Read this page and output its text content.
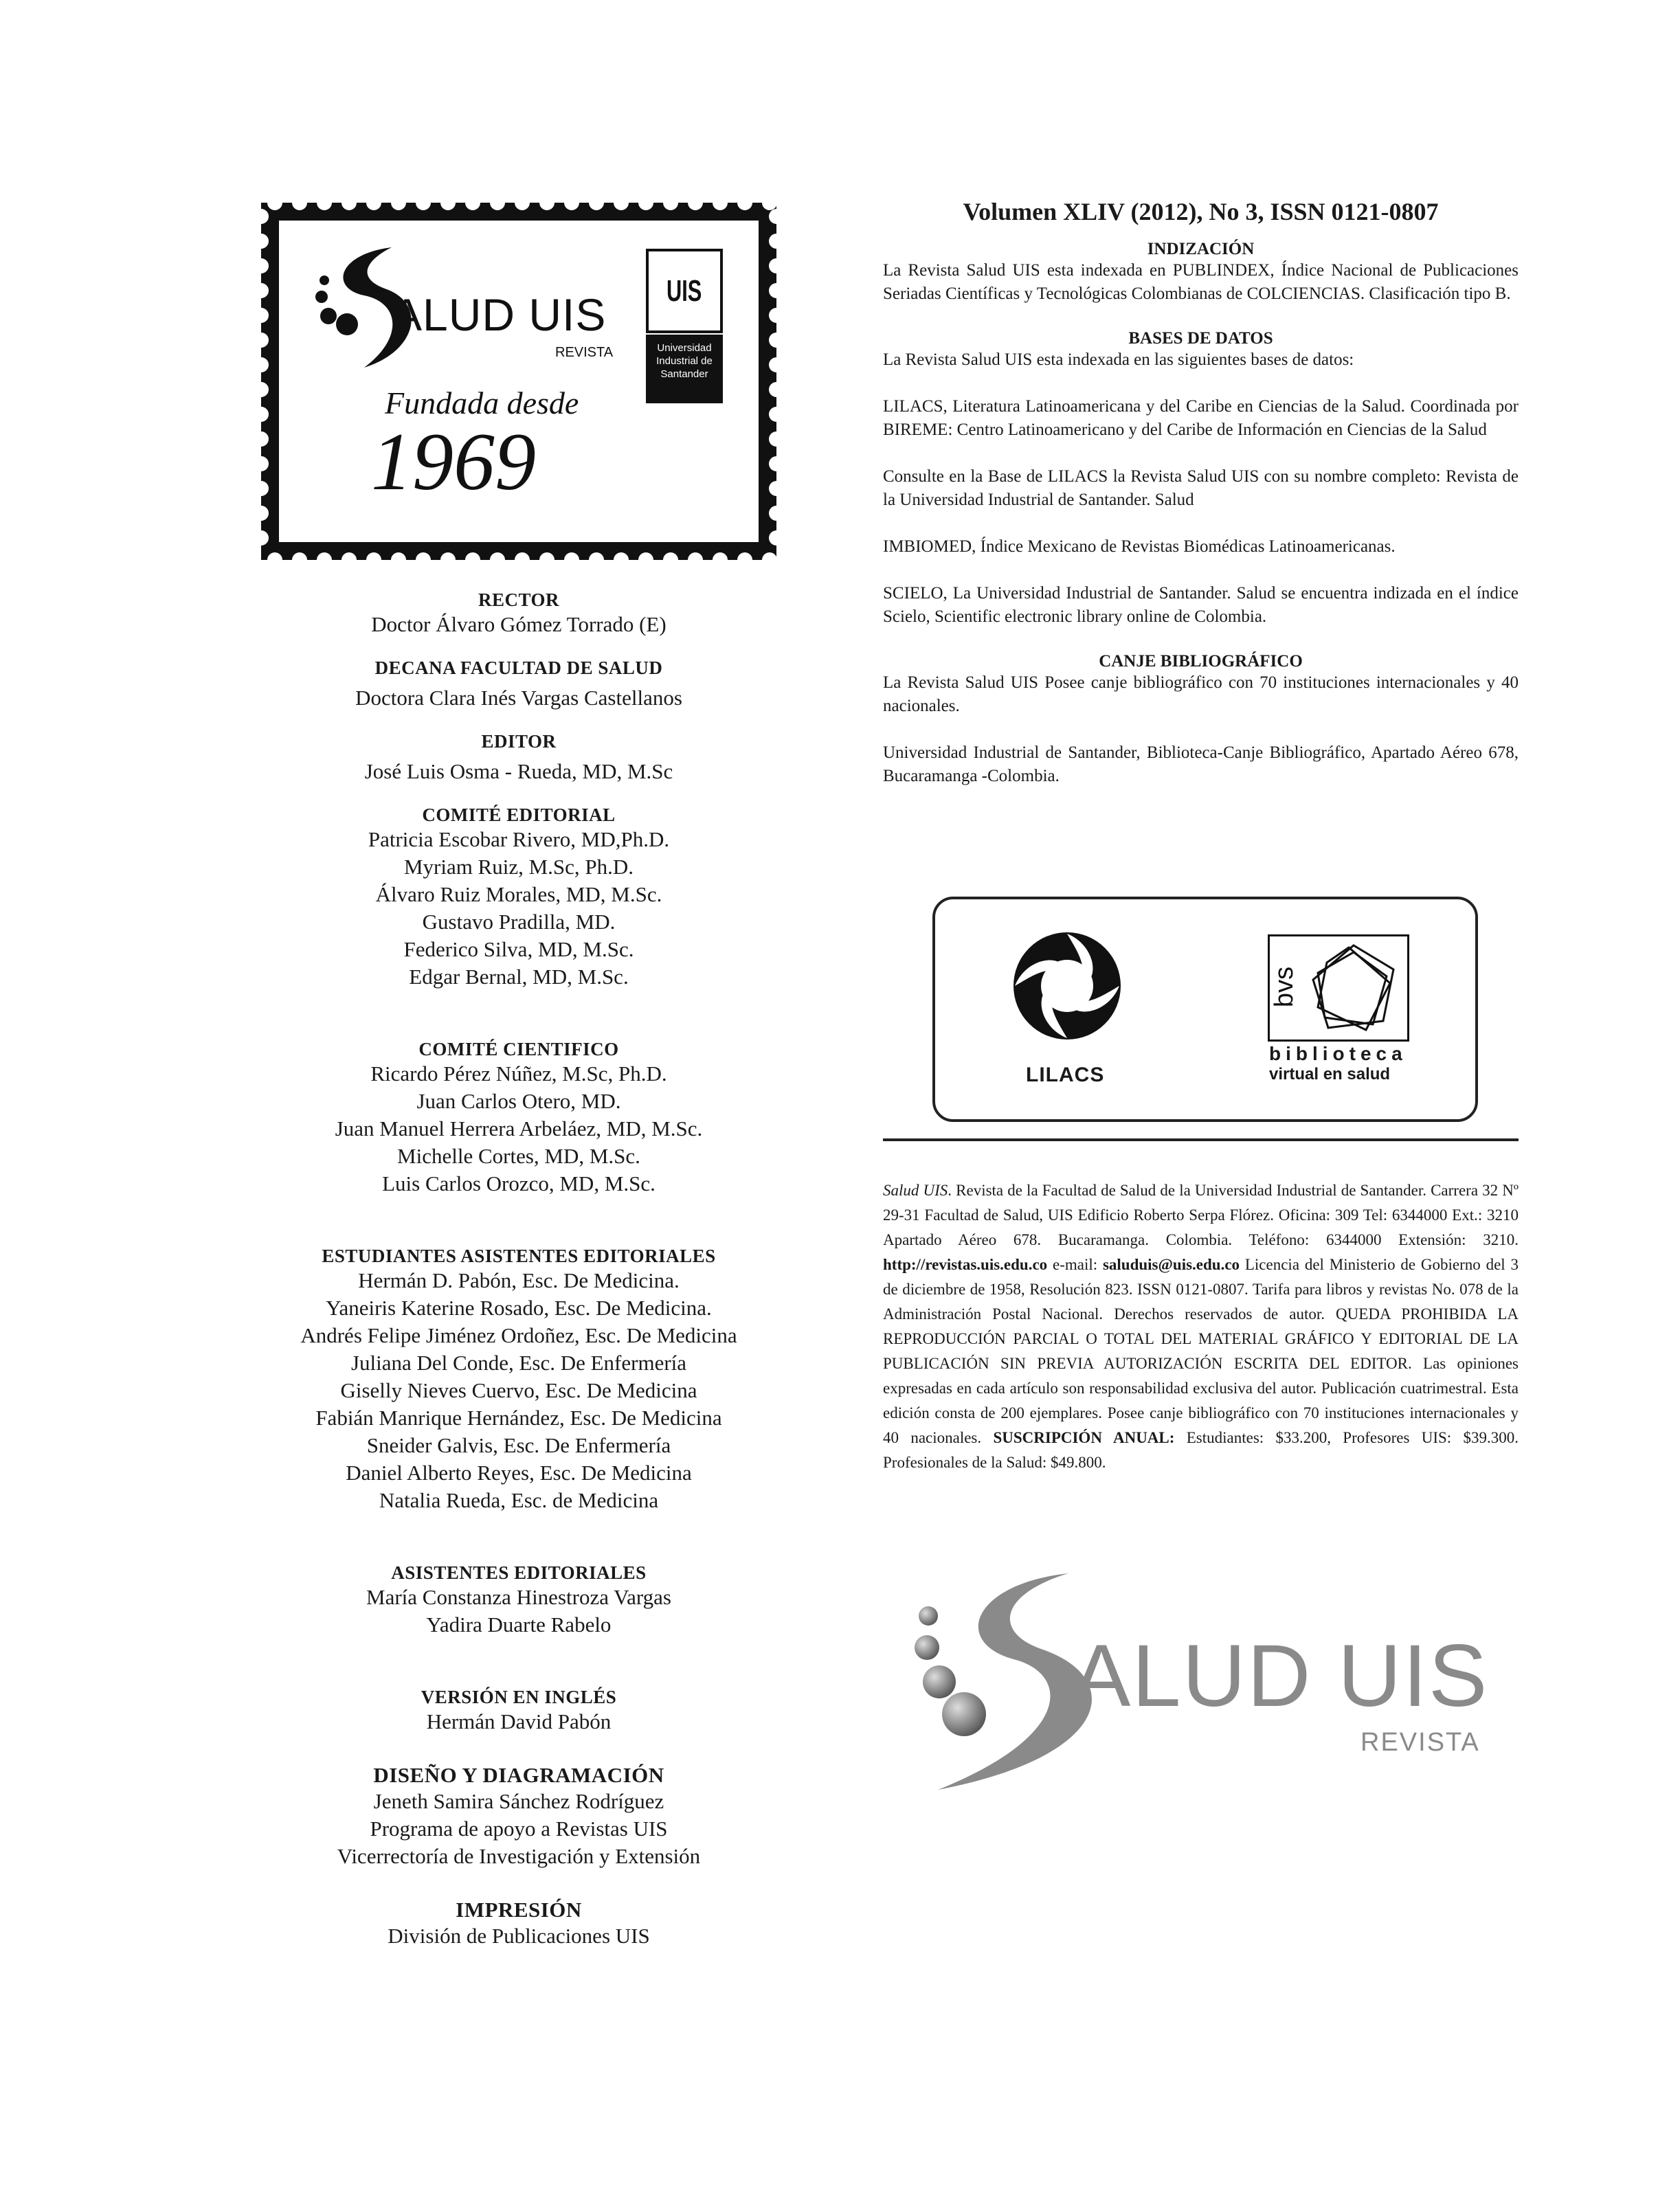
ALUD UIS
REVISTA
Fundada desde
1969
UIS
Universidad
Industrial de
Santander
RECTOR
Doctor Álvaro Gómez Torrado (E)
DECANA FACULTAD DE SALUD
Doctora Clara Inés Vargas Castellanos
EDITOR
José Luis Osma - Rueda, MD, M.Sc
COMITÉ EDITORIAL
Patricia Escobar Rivero, MD,Ph.D.
Myriam Ruiz, M.Sc, Ph.D.
Álvaro Ruiz Morales, MD, M.Sc.
Gustavo Pradilla, MD.
Federico Silva, MD, M.Sc.
Edgar Bernal, MD, M.Sc.
COMITÉ CIENTIFICO
Ricardo Pérez Núñez, M.Sc, Ph.D.
Juan Carlos Otero, MD.
Juan Manuel Herrera Arbeláez, MD, M.Sc.
Michelle Cortes, MD, M.Sc.
Luis Carlos Orozco, MD, M.Sc.
ESTUDIANTES ASISTENTES EDITORIALES
Hermán D. Pabón, Esc. De Medicina.
Yaneiris Katerine Rosado, Esc. De Medicina.
Andrés Felipe Jiménez Ordoñez, Esc. De Medicina
Juliana Del Conde, Esc. De Enfermería
Giselly Nieves Cuervo, Esc. De Medicina
Fabián Manrique Hernández, Esc. De Medicina
Sneider Galvis, Esc. De Enfermería
Daniel Alberto Reyes, Esc. De Medicina
Natalia Rueda, Esc. de Medicina
ASISTENTES EDITORIALES
María Constanza Hinestroza Vargas
Yadira Duarte Rabelo
VERSIÓN EN INGLÉS
Hermán David Pabón
DISEÑO Y DIAGRAMACIÓN
Jeneth Samira Sánchez Rodríguez
Programa de apoyo a Revistas UIS
Vicerrectoría de Investigación y Extensión
IMPRESIÓN
División de Publicaciones UIS
Volumen XLIV (2012), No 3, ISSN 0121-0807
INDIZACIÓN
La Revista Salud UIS esta indexada en PUBLINDEX, Índice Nacional de Publicaciones Seriadas Científicas y Tecnológicas Colombianas de COLCIENCIAS. Clasificación tipo B.
BASES DE DATOS
La Revista Salud UIS esta indexada en las siguientes bases de datos:
LILACS, Literatura Latinoamericana y del Caribe en Ciencias de la Salud. Coordinada por BIREME: Centro Latinoamericano y del Caribe de Información en Ciencias de la Salud
Consulte en la Base de LILACS la Revista Salud UIS con su nombre completo: Revista de la Universidad Industrial de Santander. Salud
IMBIOMED, Índice Mexicano de Revistas Biomédicas Latinoamericanas.
SCIELO, La Universidad Industrial de Santander. Salud se encuentra indizada en el índice Scielo, Scientific electronic library online de Colombia.
CANJE BIBLIOGRÁFICO
La Revista Salud UIS Posee canje bibliográfico con 70 instituciones internacionales y 40 nacionales.
Universidad Industrial de Santander, Biblioteca-Canje Bibliográfico, Apartado Aéreo 678, Bucaramanga -Colombia.
LILACS
bvs
biblioteca
virtual en salud
Salud UIS. Revista de la Facultad de Salud de la Universidad Industrial de Santander. Carrera 32 Nº 29-31 Facultad de Salud, UIS Edificio Roberto Serpa Flórez. Oficina: 309 Tel: 6344000 Ext.: 3210 Apartado Aéreo 678. Bucaramanga. Colombia. Teléfono: 6344000 Extensión: 3210. http://revistas.uis.edu.co e-mail: saluduis@uis.edu.co Licencia del Ministerio de Gobierno del 3 de diciembre de 1958, Resolución 823. ISSN 0121-0807. Tarifa para libros y revistas No. 078 de la Administración Postal Nacional. Derechos reservados de autor. QUEDA PROHIBIDA LA REPRODUCCIÓN PARCIAL O TOTAL DEL MATERIAL GRÁFICO Y EDITORIAL DE LA PUBLICACIÓN SIN PREVIA AUTORIZACIÓN ESCRITA DEL EDITOR. Las opiniones expresadas en cada artículo son responsabilidad exclusiva del autor. Publicación cuatrimestral. Esta edición consta de 200 ejemplares. Posee canje bibliográfico con 70 instituciones internacionales y 40 nacionales. SUSCRIPCIÓN ANUAL: Estudiantes: $33.200, Profesores UIS: $39.300. Profesionales de la Salud: $49.800.
ALUD UIS
REVISTA
